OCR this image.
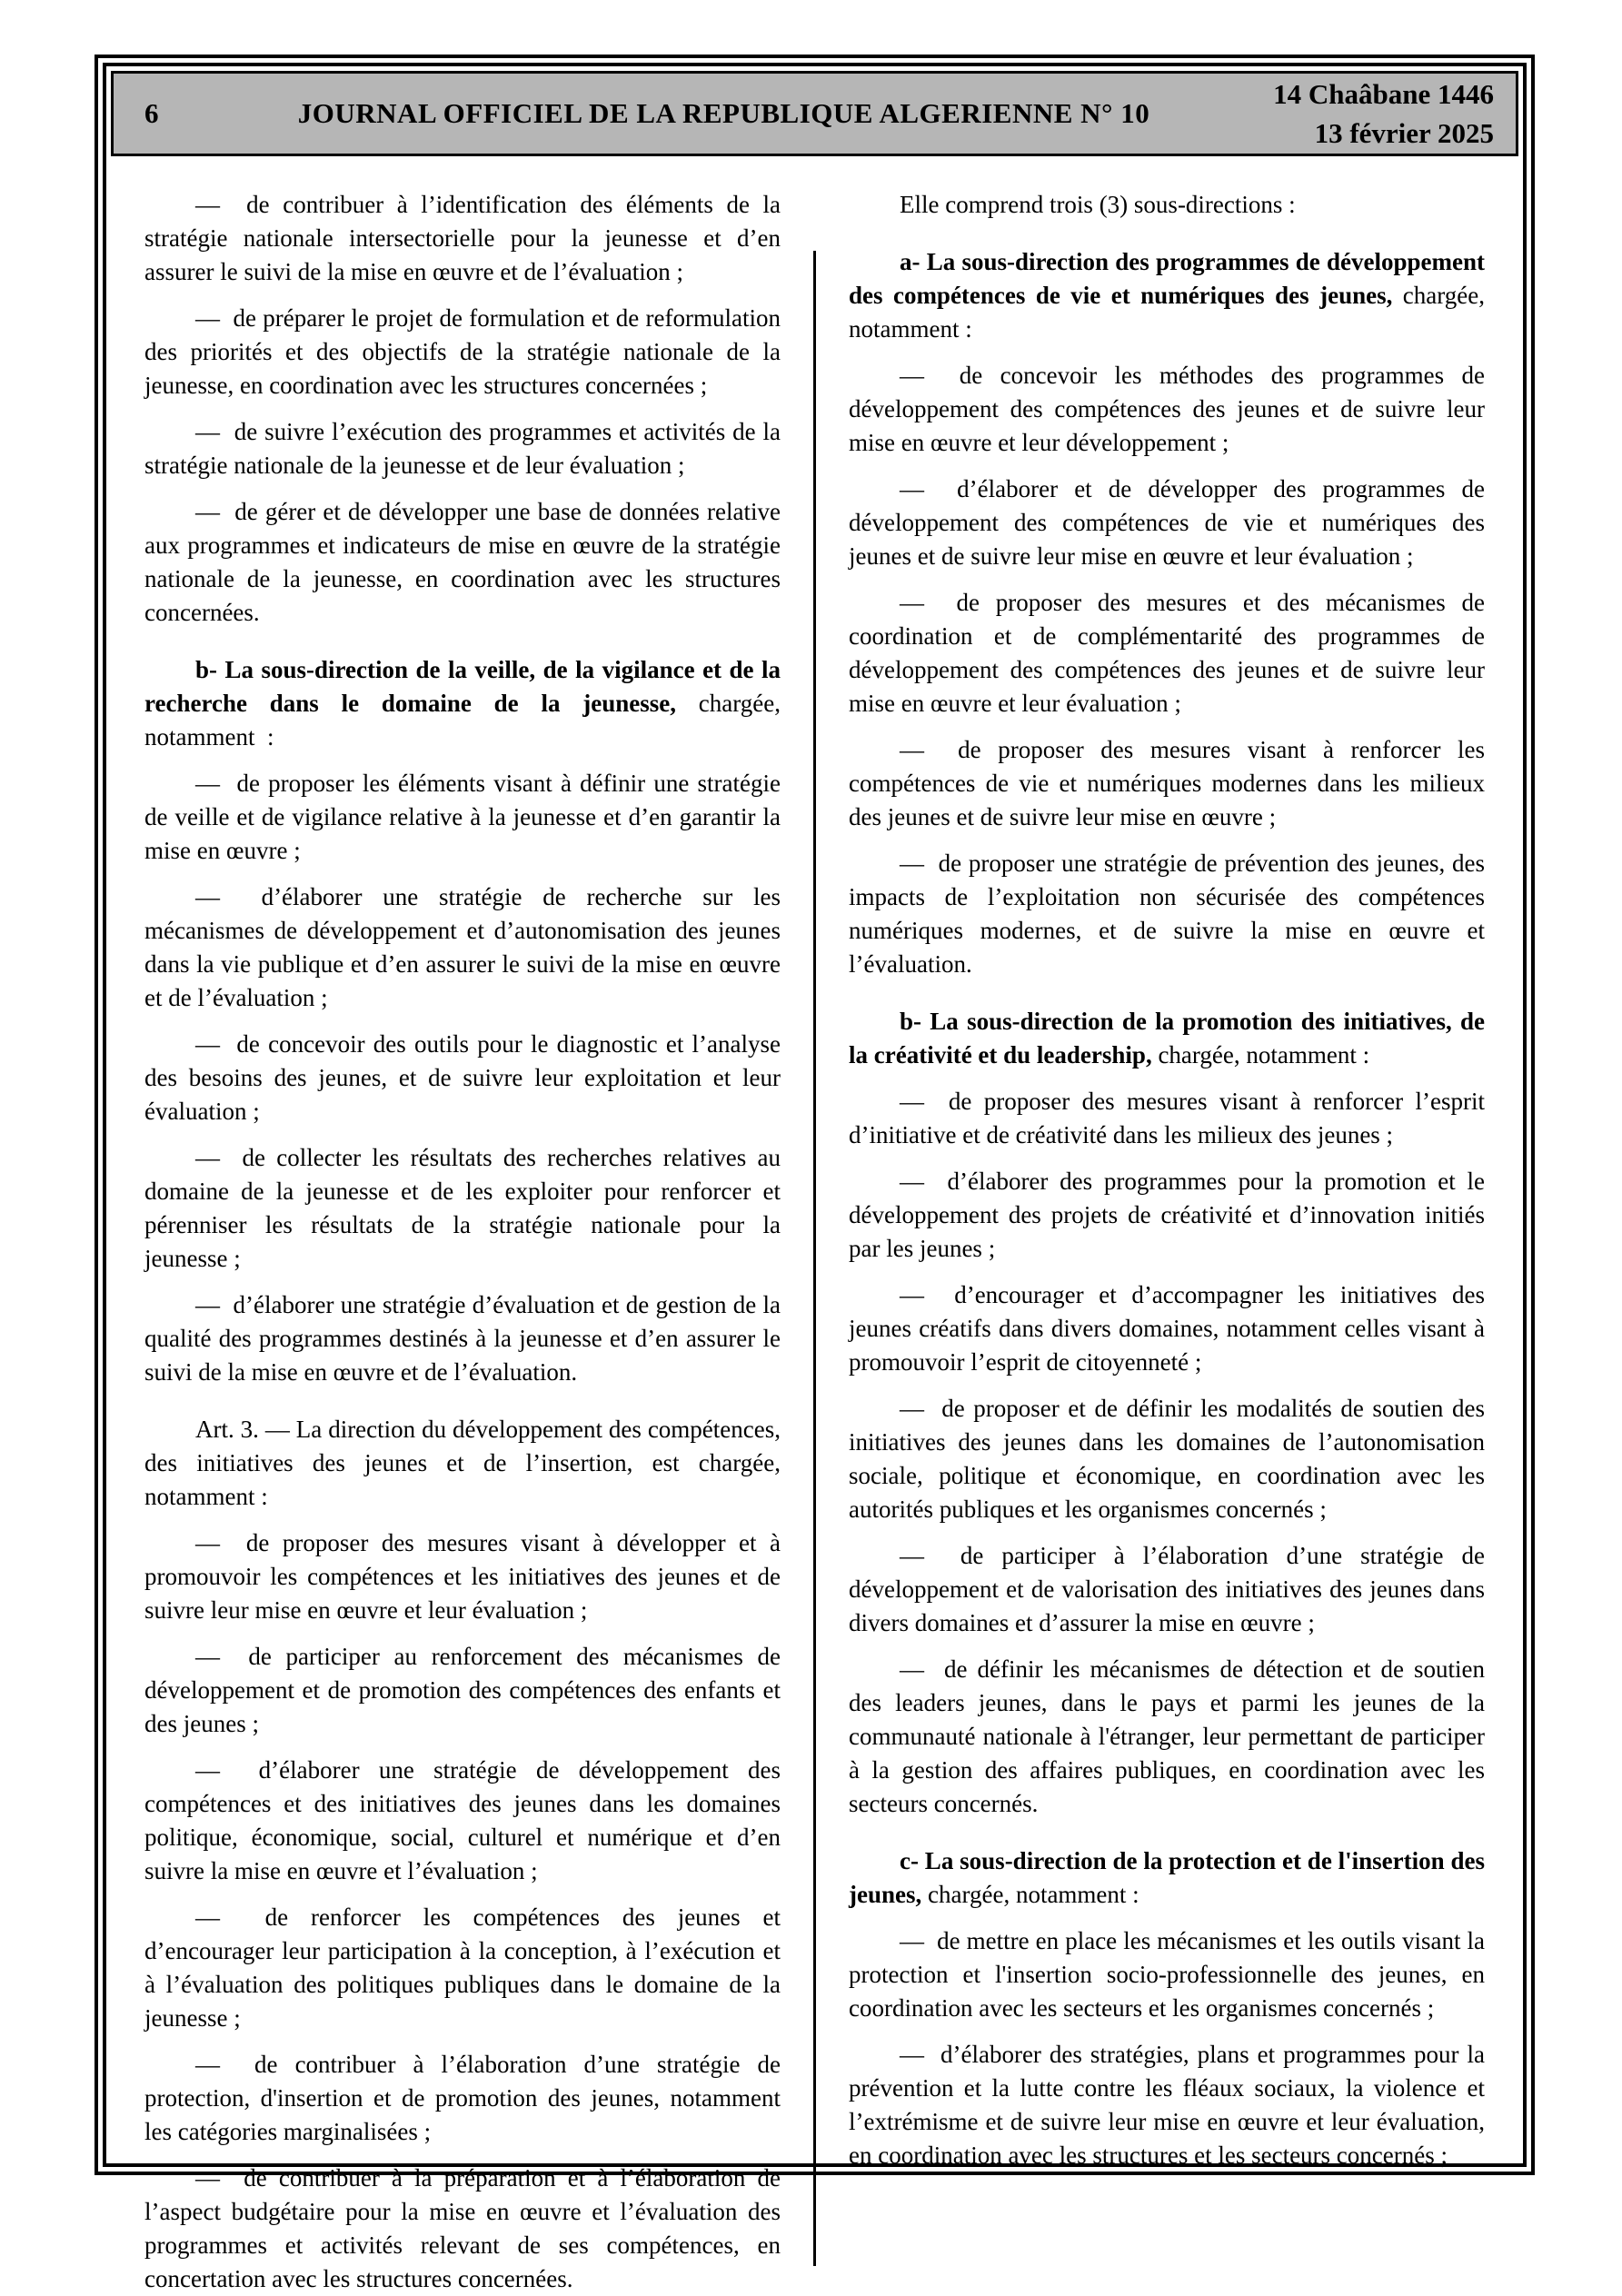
6	JOURNAL OFFICIEL DE LA REPUBLIQUE ALGERIENNE N° 10
14 Chaâbane 1446
13 février 2025

—  de contribuer à l’identification des éléments de la stratégie nationale intersectorielle pour la jeunesse et d’en assurer le suivi de la mise en œuvre et de l’évaluation ;

—  de préparer le projet de formulation et de reformulation des priorités et des objectifs de la stratégie nationale de la jeunesse, en coordination avec les structures concernées ;

—  de suivre l’exécution des programmes et activités de la stratégie nationale de la jeunesse et de leur évaluation ;

—  de gérer et de développer une base de données relative aux programmes et indicateurs de mise en œuvre de la stratégie nationale de la jeunesse, en coordination avec les structures concernées.

b- La sous-direction de la veille, de la vigilance et de la recherche dans le domaine de la jeunesse, chargée, notamment  :

—  de proposer les éléments visant à définir une stratégie de veille et de vigilance relative à la jeunesse et d’en garantir la mise en œuvre ;

—  d’élaborer une stratégie de recherche sur les mécanismes de développement et d’autonomisation des jeunes dans la vie publique et d’en assurer le suivi de la mise en œuvre et de l’évaluation ;

—  de concevoir des outils pour le diagnostic et l’analyse des besoins des jeunes, et de suivre leur exploitation et leur évaluation ;

—  de collecter les résultats des recherches relatives au domaine de la jeunesse et de les exploiter pour renforcer et pérenniser les résultats de la stratégie nationale pour la jeunesse ;

—  d’élaborer une stratégie d’évaluation et de gestion de la qualité des programmes destinés à la jeunesse et d’en assurer le suivi de la mise en œuvre et de l’évaluation.

Art. 3. — La direction du développement des compétences, des initiatives des jeunes et de l’insertion, est chargée, notamment :

—  de proposer des mesures visant à développer et à promouvoir les compétences et les initiatives des jeunes et de suivre leur mise en œuvre et leur évaluation ;

—  de participer au renforcement des mécanismes de développement et de promotion des compétences des enfants et des jeunes ;

—  d’élaborer une stratégie de développement des compétences et des initiatives des jeunes dans les domaines politique, économique, social, culturel et numérique et d’en suivre la mise en œuvre et l’évaluation ;

—  de renforcer les compétences des jeunes et d’encourager leur participation à la conception, à l’exécution et à l’évaluation des politiques publiques dans le domaine de la jeunesse ;

—  de contribuer à l’élaboration d’une stratégie de protection, d'insertion et de promotion des jeunes, notamment les catégories marginalisées ;

—  de contribuer à la préparation et à l’élaboration de l’aspect budgétaire pour la mise en œuvre et l’évaluation des programmes et activités relevant de ses compétences, en concertation avec les structures concernées.

Elle comprend trois (3) sous-directions :

a- La sous-direction des programmes de développement des compétences de vie et numériques des jeunes, chargée, notamment :

—  de concevoir les méthodes des programmes de développement des compétences des jeunes et de suivre leur mise en œuvre et leur développement ;

—  d’élaborer et de développer des programmes de développement des compétences de vie et numériques des jeunes et de suivre leur mise en œuvre et leur évaluation ;

—  de proposer des mesures et des mécanismes de coordination et de complémentarité des programmes de développement des compétences des jeunes et de suivre leur mise en œuvre et leur évaluation ;

—  de proposer des mesures visant à renforcer les compétences de vie et numériques modernes dans les milieux des jeunes et de suivre leur mise en œuvre ;

—  de proposer une stratégie de prévention des jeunes, des impacts de l’exploitation non sécurisée des compétences numériques modernes, et de suivre la mise en œuvre et l’évaluation.

b- La sous-direction de la promotion des initiatives, de la créativité et du leadership, chargée, notamment :

—  de proposer des mesures visant à renforcer l’esprit d’initiative et de créativité dans les milieux des jeunes ;

—  d’élaborer des programmes pour la promotion et le développement des projets de créativité et d’innovation initiés par les jeunes ;

—  d’encourager et d’accompagner les initiatives des jeunes créatifs dans divers domaines, notamment celles visant à promouvoir l’esprit de citoyenneté ;

—  de proposer et de définir les modalités de soutien des initiatives des jeunes dans les domaines de l’autonomisation sociale, politique et économique, en coordination avec les autorités publiques et les organismes concernés ;

—  de participer à l’élaboration d’une stratégie de développement et de valorisation des initiatives des jeunes dans divers domaines et d’assurer la mise en œuvre ;

—  de définir les mécanismes de détection et de soutien des leaders jeunes, dans le pays et parmi les jeunes de la communauté nationale à l'étranger, leur permettant de participer à la gestion des affaires publiques, en coordination avec les secteurs concernés.

c- La sous-direction de la protection et de l'insertion des jeunes, chargée, notamment :

—  de mettre en place les mécanismes et les outils visant la protection et l'insertion socio-professionnelle des jeunes, en coordination avec les secteurs et les organismes concernés ;

—  d’élaborer des stratégies, plans et programmes pour la prévention et la lutte contre les fléaux sociaux, la violence et l’extrémisme et de suivre leur mise en œuvre et leur évaluation, en coordination avec les structures et les secteurs concernés ;
